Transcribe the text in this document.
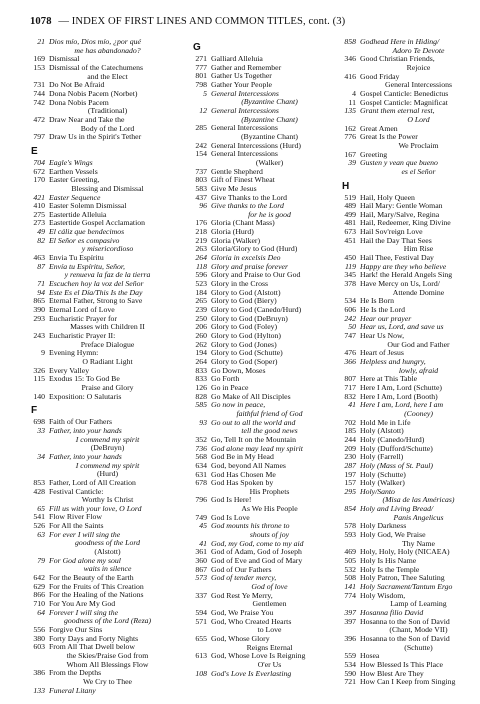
1078 — INDEX OF FIRST LINES AND COMMON TITLES, cont. (3)
21 Dios mío, Dios mío, ¿por qué
me has abandonado?
169 Dismissal
153 Dismissal of the Catechumens
and the Elect
731 Do Not Be Afraid
744 Dona Nobis Pacem (Norbet)
742 Dona Nobis Pacem
(Traditional)
472 Draw Near and Take the
Body of the Lord
797 Draw Us in the Spirit's Tether
E
704 Eagle's Wings
672 Earthen Vessels
170 Easter Greeting,
Blessing and Dismissal
421 Easter Sequence
410 Easter Solemn Dismissal
275 Eastertide Alleluia
273 Eastertide Gospel Acclamation
49 El cáliz que bendecimos
82 El Señor es compasivo
y misericordioso
463 Envia Tu Espíritu
87 Envía tu Espíritu, Señor,
y renueva la faz de la tierra
71 Escuchen hoy la voz del Señor
94 Este Es el Día/This Is the Day
865 Eternal Father, Strong to Save
390 Eternal Lord of Love
293 Eucharistic Prayer for
Masses with Children II
243 Eucharistic Prayer II:
Preface Dialogue
9 Evening Hymn:
O Radiant Light
326 Every Valley
115 Exodus 15: To God Be
Praise and Glory
140 Exposition: O Salutaris
F
698 Faith of Our Fathers
33 Father, into your hands
I commend my spirit
(DeBruyn)
34 Father, into your hands
I commend my spirit
(Hurd)
853 Father, Lord of All Creation
428 Festival Canticle:
Worthy Is Christ
65 Fill us with your love, O Lord
541 Flow River Flow
526 For All the Saints
63 For ever I will sing the
goodness of the Lord
(Alstott)
79 For God alone my soul
waits in silence
642 For the Beauty of the Earth
629 For the Fruits of This Creation
866 For the Healing of the Nations
710 For You Are My God
64 Forever I will sing the
goodness of the Lord (Reza)
556 Forgive Our Sins
380 Forty Days and Forty Nights
603 From All That Dwell below
the Skies/Praise God from
Whom All Blessings Flow
386 From the Depths
We Cry to Thee
133 Funeral Litany
G
271 Galliard Alleluia
777 Gather and Remember
801 Gather Us Together
798 Gather Your People
5 General Intercessions
(Byzantine Chant)
12 General Intercessions
(Byzantine Chant)
285 General Intercessions
(Byzantine Chant)
242 General Intercessions (Hurd)
154 General Intercessions
(Walker)
737 Gentle Shepherd
803 Gift of Finest Wheat
583 Give Me Jesus
437 Give Thanks to the Lord
96 Give thanks to the Lord
for he is good
176 Gloria (Chant Mass)
218 Gloria (Hurd)
219 Gloria (Walker)
263 Gloria/Glory to God (Hurd)
264 Gloria in excelsis Deo
118 Glory and praise forever
596 Glory and Praise to Our God
523 Glory in the Cross
184 Glory to God (Alstott)
265 Glory to God (Biery)
239 Glory to God (Canedo/Hurd)
250 Glory to God (DeBruyn)
206 Glory to God (Foley)
260 Glory to God (Hylton)
262 Glory to God (Jones)
194 Glory to God (Schutte)
264 Glory to God (Soper)
833 Go Down, Moses
833 Go Forth
126 Go in Peace
828 Go Make of All Disciples
585 Go now in peace,
faithful friend of God
93 Go out to all the world and
tell the good news
352 Go, Tell It on the Mountain
736 God alone may lead my spirit
568 God Be in My Head
634 God, beyond All Names
631 God Has Chosen Me
678 God Has Spoken by
His Prophets
796 God Is Here!
As We His People
749 God Is Love
45 God mounts his throne to
shouts of joy
41 God, my God, come to my aid
361 God of Adam, God of Joseph
360 God of Eve and God of Mary
867 God of Our Fathers
573 God of tender mercy,
God of love
337 God Rest Ye Merry,
Gentlemen
594 God, We Praise You
571 God, Who Created Hearts
to Love
655 God, Whose Glory
Reigns Eternal
613 God, Whose Love Is Reigning
O'er Us
108 God's Love Is Everlasting
858 Godhead Here in Hiding/
Adoro Te Devote
346 Good Christian Friends,
Rejoice
416 Good Friday
General Intercessions
4 Gospel Canticle: Benedictus
11 Gospel Canticle: Magnificat
135 Grant them eternal rest,
O Lord
162 Great Amen
776 Great Is the Power
We Proclaim
167 Greeting
39 Gusten y vean que bueno
es el Señor
H
519 Hail, Holy Queen
489 Hail Mary: Gentle Woman
499 Hail, Mary/Salve, Regina
481 Hail, Redeemer, King Divine
673 Hail Sov'reign Love
451 Hail the Day That Sees
Him Rise
450 Hail Thee, Festival Day
119 Happy are they who believe
345 Hark! the Herald Angels Sing
378 Have Mercy on Us, Lord/
Attende Domine
534 He Is Born
606 He Is the Lord
242 Hear our prayer
50 Hear us, Lord, and save us
747 Hear Us Now,
Our God and Father
476 Heart of Jesus
366 Helpless and hungry,
lowly, afraid
807 Here at This Table
717 Here I Am, Lord (Schutte)
832 Here I Am, Lord (Booth)
41 Here I am, Lord, here I am
(Cooney)
702 Hold Me in Life
185 Holy (Alstott)
244 Holy (Canedo/Hurd)
209 Holy (Dufford/Schutte)
230 Holy (Farrell)
287 Holy (Mass of St. Paul)
197 Holy (Schutte)
157 Holy (Walker)
295 Holy/Santo
(Misa de las Américas)
854 Holy and Living Bread/
Panis Angelicus
578 Holy Darkness
593 Holy God, We Praise
Thy Name
469 Holy, Holy, Holy (NICAEA)
505 Holy Is His Name
532 Holy Is the Temple
508 Holy Patron, Thee Saluting
141 Holy Sacrament/Tantum Ergo
774 Holy Wisdom,
Lamp of Learning
397 Hosanna filio David
397 Hosanna to the Son of David
(Chant, Mode VII)
396 Hosanna to the Son of David
(Schutte)
559 Hosea
534 How Blessed Is This Place
590 How Blest Are They
721 How Can I Keep from Singing
